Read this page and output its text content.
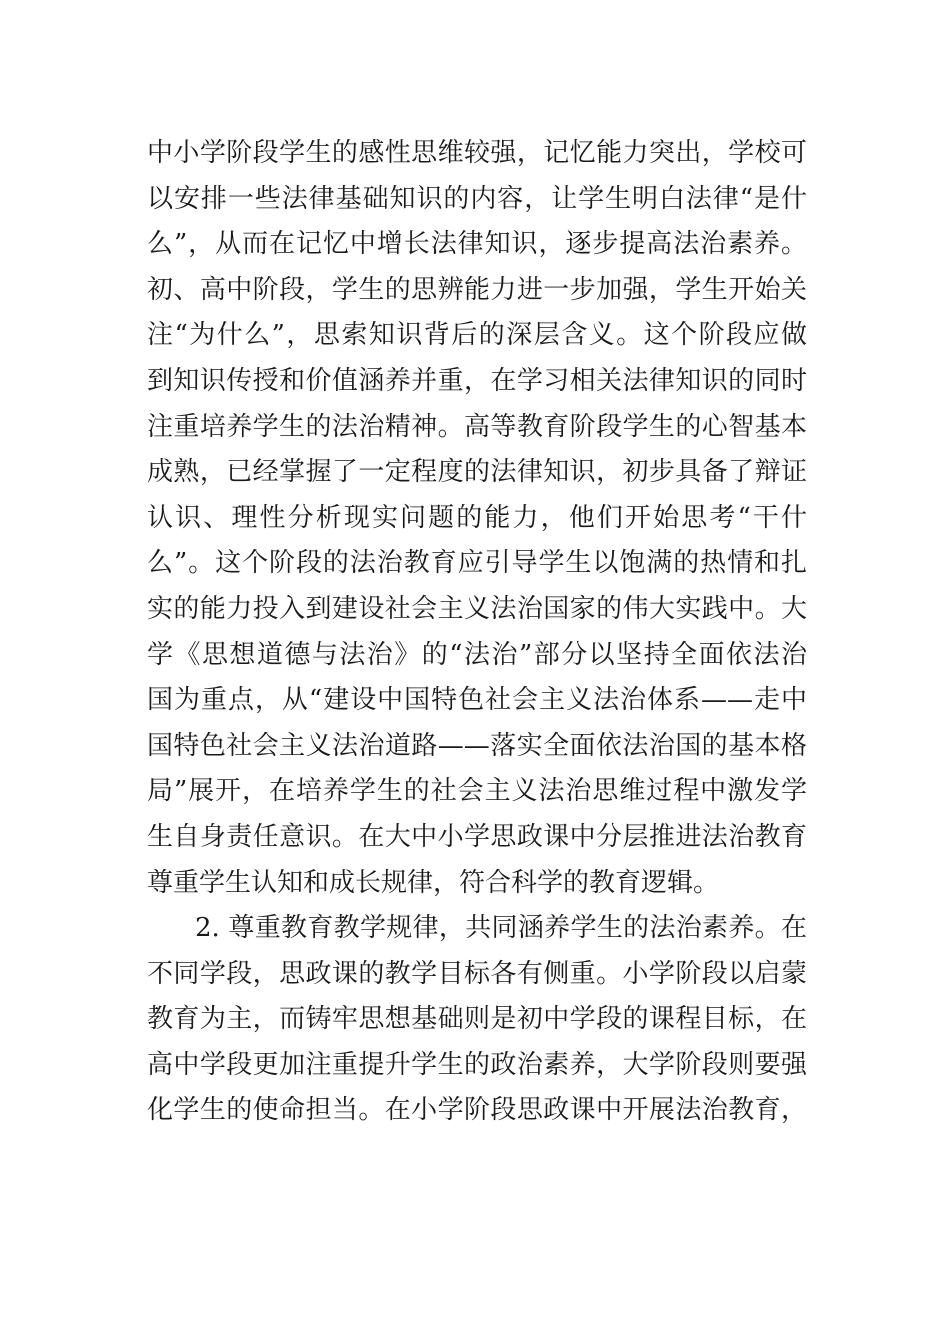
中小学阶段学生的感性思维较强，记忆能力突出，学校可
以安排一些法律基础知识的内容，让学生明白法律“是什
么”，从而在记忆中增长法律知识，逐步提高法治素养。
初、高中阶段，学生的思辨能力进一步加强，学生开始关
注“为什么”，思索知识背后的深层含义。这个阶段应做
到知识传授和价值涵养并重，在学习相关法律知识的同时
注重培养学生的法治精神。高等教育阶段学生的心智基本
成熟，已经掌握了一定程度的法律知识，初步具备了辩证
认识、理性分析现实问题的能力，他们开始思考“干什
么”。这个阶段的法治教育应引导学生以饱满的热情和扎
实的能力投入到建设社会主义法治国家的伟大实践中。大
学《思想道德与法治》的“法治”部分以坚持全面依法治
国为重点，从“建设中国特色社会主义法治体系——走中
国特色社会主义法治道路——落实全面依法治国的基本格
局”展开，在培养学生的社会主义法治思维过程中激发学
生自身责任意识。在大中小学思政课中分层推进法治教育
尊重学生认知和成长规律，符合科学的教育逻辑。
2. 尊重教育教学规律，共同涵养学生的法治素养。在
不同学段，思政课的教学目标各有侧重。小学阶段以启蒙
教育为主，而铸牢思想基础则是初中学段的课程目标，在
高中学段更加注重提升学生的政治素养，大学阶段则要强
化学生的使命担当。在小学阶段思政课中开展法治教育，
